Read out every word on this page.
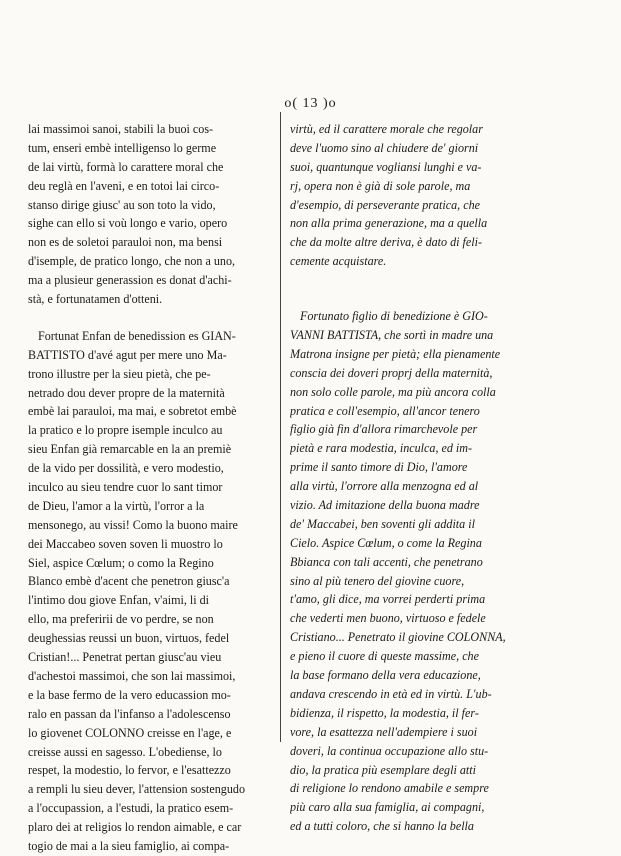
o( 13 )o
lai massimoi sanoi, stabili la buoi cos-
tum, enseri embè intelligenso lo germe
de lai virtù, formà lo carattere moral che
deu reglà en l'aveni, e en totoi lai circo-
stanso dirige giusc' au son toto la vido,
sighe can ello si voù longo e vario, opero
non es de soletoi parauloi non, ma bensi
d'isemple, de pratico longo, che non a uno,
ma a plusieur generassion es donat d'achi-
stà, e fortunatamen d'otteni.
Fortunat Enfan de benedission es GIAN-
BATTISTO d'avé agut per mere uno Ma-
trono illustre per la sieu pietà, che pe-
netrado dou dever propre de la maternità
embè lai parauloi, ma mai, e sobretot embè
la pratico e lo propre isemple inculco au
sieu Enfan già remarcable en la an premiè
de la vido per dossilità, e vero modestio,
inculco au sieu tendre cuor lo sant timor
de Dieu, l'amor a la virtù, l'orror a la
mensonego, au vissi! Como la buono maire
dei Maccabeo soven soven li muostro lo
Siel, aspice Cœlum; o como la Regino
Blanco embè d'acent che penetron giusc'a
l'intimo dou giove Enfan, v'aimi, li di
ello, ma preferirii de vo perdre, se non
deughessias reussi un buon, virtuos, fedel
Cristian!... Penetrat pertan giusc'au vieu
d'achestoi massimoi, che son lai massimoi,
e la base fermo de la vero educassion mo-
ralo en passan da l'infanso a l'adolescenso
lo giovenet COLONNO creisse en l'age, e
creisse aussi en sagesso. L'obediense, lo
respet, la modestio, lo fervor, e l'esattezzo
a rempli lu sieu dever, l'attension sostengudo
a l'occupassion, a l'estudi, la pratico esem-
plaro dei at religios lo rendon aimable, e car
togio de mai a la sieu famiglio, ai compa-
virtù, ed il carattere morale che regolar
deve l'uomo sino al chiudere de' giorni
suoi, quantunque vogliansi lunghi e va-
rj, opera non è già di sole parole, ma
d'esempio, di perseverante pratica, che
non alla prima generazione, ma a quella
che da molte altre deriva, è dato di feli-
cemente acquistare.
Fortunato figlio di benedizione è GIO-
VANNI BATTISTA, che sortì in madre una
Matrona insigne per pietà; ella pienamente
conscia dei doveri proprj della maternità,
non solo colle parole, ma più ancora colla
pratica e coll'esempio, all'ancor tenero
figlio già fin d'allora rimarchevole per
pietà e rara modestia, inculca, ed im-
prime il santo timore di Dio, l'amore
alla virtù, l'orrore alla menzogna ed al
vizio. Ad imitazione della buona madre
de' Maccabei, ben soventi gli addita il
Cielo. Aspice Cœlum, o come la Regina
Bbianca con tali accenti, che penetrano
sino al più tenero del giovine cuore,
t'amo, gli dice, ma vorrei perderti prima
che vederti men buono, virtuoso e fedele
Cristiano... Penetrato il giovine COLONNA,
e pieno il cuore di queste massime, che
la base formano della vera educazione,
andava crescendo in età ed in virtù. L'ub-
bidienza, il rispetto, la modestia, il fer-
vore, la esattezza nell'adempiere i suoi
doveri, la continua occupazione allo stu-
dio, la pratica più esemplare degli atti
di religione lo rendono amabile e sempre
più caro alla sua famiglia, ai compagni,
ed a tutti coloro, che si hanno la bella
